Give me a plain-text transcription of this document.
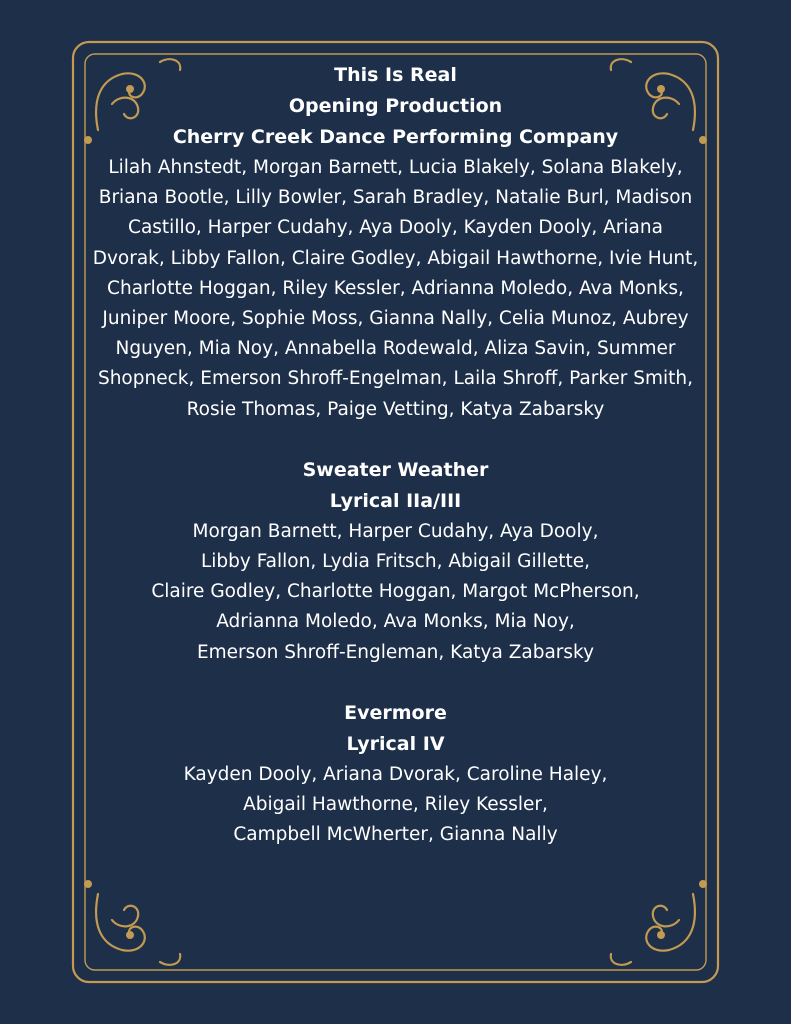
This Is Real

Opening Production

Cherry Creek Dance Performing Company

Lilah Ahnstedt, Morgan Barnett, Lucia Blakely, Solana Blakely, Briana Bootle, Lilly Bowler, Sarah Bradley, Natalie Burl, Madison Castillo, Harper Cudahy, Aya Dooly, Kayden Dooly, Ariana Dvorak, Libby Fallon, Claire Godley, Abigail Hawthorne, Ivie Hunt, Charlotte Hoggan, Riley Kessler, Adrianna Moledo, Ava Monks, Juniper Moore, Sophie Moss, Gianna Nally, Celia Munoz, Aubrey Nguyen, Mia Noy, Annabella Rodewald, Aliza Savin, Summer Shopneck, Emerson Shroff-Engelman, Laila Shroff, Parker Smith, Rosie Thomas, Paige Vetting, Katya Zabarsky

Sweater Weather

Lyrical IIa/III

Morgan Barnett, Harper Cudahy, Aya Dooly,
Libby Fallon, Lydia Fritsch, Abigail Gillette,
Claire Godley, Charlotte Hoggan, Margot McPherson,
Adrianna Moledo, Ava Monks, Mia Noy,
Emerson Shroff-Engleman, Katya Zabarsky

Evermore

Lyrical IV

Kayden Dooly, Ariana Dvorak, Caroline Haley,
Abigail Hawthorne, Riley Kessler,
Campbell McWherter, Gianna Nally
